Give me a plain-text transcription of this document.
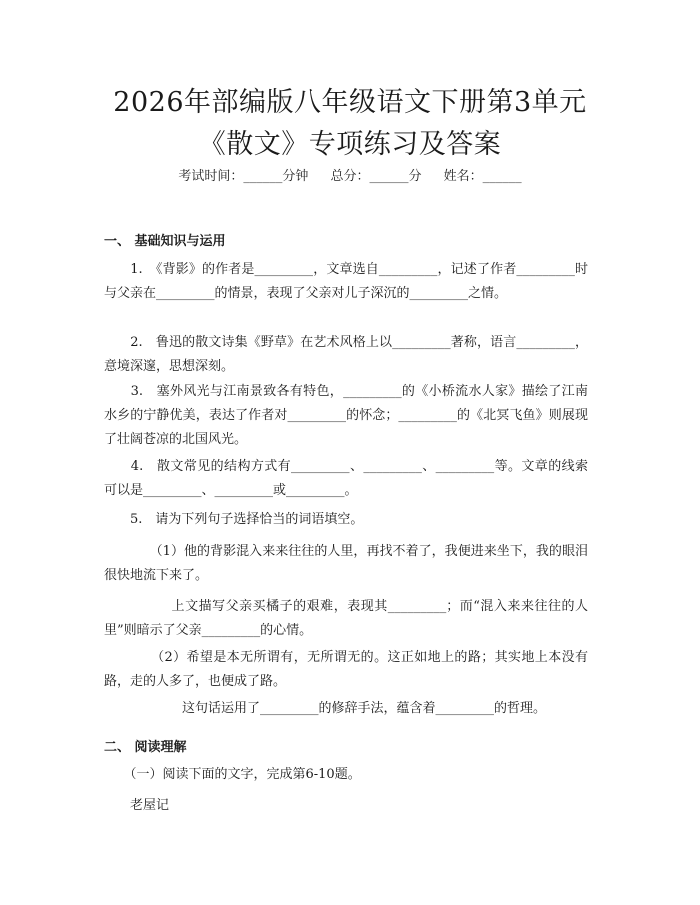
2026年部编版八年级语文下册第3单元《散文》专项练习及答案
考试时间：______分钟 总分：______分 姓名：______
一、 基础知识与运用

　　1.　《背影》的作者是_________，文章选自_________，记述了作者_________时与父亲在_________的情景，表现了父亲对儿子深沉的_________之情。

　　2.　鲁迅的散文诗集《野草》在艺术风格上以_________著称，语言_________，意境深邃，思想深刻。

　　3.　塞外风光与江南景致各有特色，_________的《小桥流水人家》描绘了江南水乡的宁静优美，表达了作者对_________的怀念；_________的《北冥飞鱼》则展现了壮阔苍凉的北国风光。

　　4.　散文常见的结构方式有_________、_________、_________等。文章的线索可以是_________、_________或_________。

　　5.　请为下列句子选择恰当的词语填空。

　　　　（1）他的背影混入来来往往的人里，再找不着了，我便进来坐下，我的眼泪很快地流下来了。

　　　　　上文描写父亲买橘子的艰难，表现其_________；而“混入来来往往的人里”则暗示了父亲_________的心情。

　　　　（2）希望是本无所谓有，无所谓无的。这正如地上的路；其实地上本没有路，走的人多了，也便成了路。

　　　　　　这句话运用了_________的修辞手法，蕴含着_________的哲理。

二、 阅读理解

　　（一）阅读下面的文字，完成第6-10题。

　　老屋记
